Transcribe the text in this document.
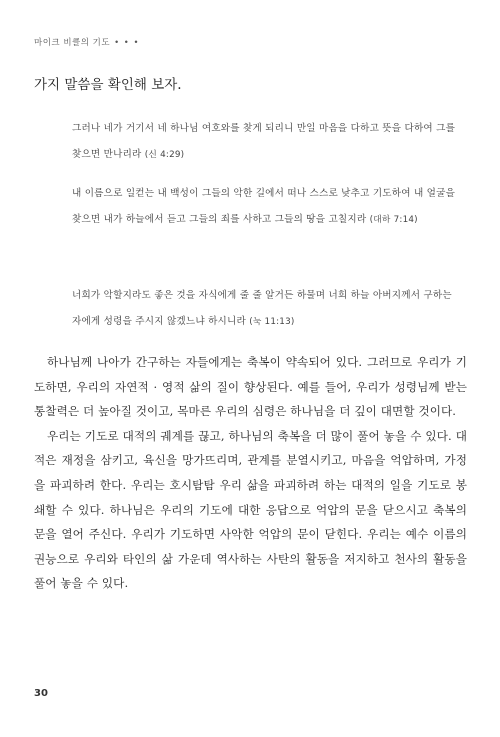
마이크 비클의 기도 • • •
가지 말씀을 확인해 보자.
그러나 네가 거기서 네 하나님 여호와를 찾게 되리니 만일 마음을 다하고 뜻을 다하여 그를 찾으면 만나리라 (신 4:29)
내 이름으로 일컫는 내 백성이 그들의 악한 길에서 떠나 스스로 낮추고 기도하여 내 얼굴을 찾으면 내가 하늘에서 듣고 그들의 죄를 사하고 그들의 땅을 고칠지라 (대하 7:14)
너희가 악할지라도 좋은 것을 자식에게 줄 줄 알거든 하물며 너희 하늘 아버지께서 구하는 자에게 성령을 주시지 않겠느냐 하시니라 (눅 11:13)

하나님께 나아가 간구하는 자들에게는 축복이 약속되어 있다. 그러므로 우리가 기도하면, 우리의 자연적 · 영적 삶의 질이 향상된다. 예를 들어, 우리가 성령님께 받는 통찰력은 더 높아질 것이고, 목마른 우리의 심령은 하나님을 더 깊이 대면할 것이다.

우리는 기도로 대적의 궤계를 끊고, 하나님의 축복을 더 많이 풀어 놓을 수 있다. 대적은 재정을 삼키고, 육신을 망가뜨리며, 관계를 분열시키고, 마음을 억압하며, 가정을 파괴하려 한다. 우리는 호시탐탐 우리 삶을 파괴하려 하는 대적의 일을 기도로 봉쇄할 수 있다. 하나님은 우리의 기도에 대한 응답으로 억압의 문을 닫으시고 축복의 문을 열어 주신다. 우리가 기도하면 사악한 억압의 문이 닫힌다. 우리는 예수 이름의 권능으로 우리와 타인의 삶 가운데 역사하는 사탄의 활동을 저지하고 천사의 활동을 풀어 놓을 수 있다.

30
